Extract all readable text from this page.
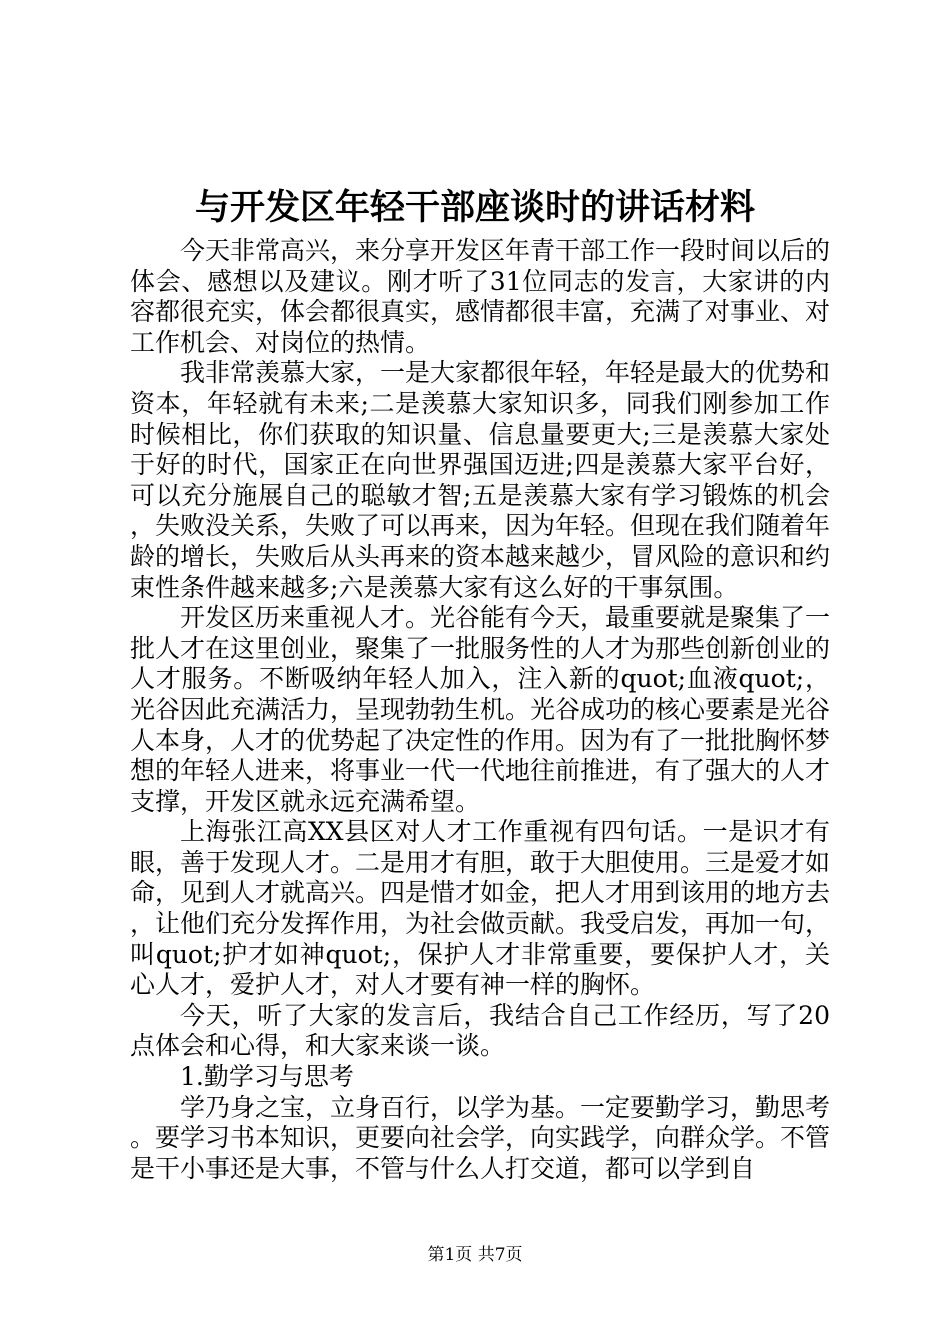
与开发区年轻干部座谈时的讲话材料

今天非常高兴，来分享开发区年青干部工作一段时间以后的体会、感想以及建议。刚才听了31位同志的发言，大家讲的内容都很充实，体会都很真实，感情都很丰富，充满了对事业、对工作机会、对岗位的热情。

我非常羡慕大家，一是大家都很年轻，年轻是最大的优势和资本，年轻就有未来;二是羡慕大家知识多，同我们刚参加工作时候相比，你们获取的知识量、信息量要更大;三是羡慕大家处于好的时代，国家正在向世界强国迈进;四是羡慕大家平台好，可以充分施展自己的聪敏才智;五是羡慕大家有学习锻炼的机会，失败没关系，失败了可以再来，因为年轻。但现在我们随着年龄的增长，失败后从头再来的资本越来越少，冒风险的意识和约束性条件越来越多;六是羡慕大家有这么好的干事氛围。

开发区历来重视人才。光谷能有今天，最重要就是聚集了一批人才在这里创业，聚集了一批服务性的人才为那些创新创业的人才服务。不断吸纳年轻人加入，注入新的quot;血液quot;，光谷因此充满活力，呈现勃勃生机。光谷成功的核心要素是光谷人本身，人才的优势起了决定性的作用。因为有了一批批胸怀梦想的年轻人进来，将事业一代一代地往前推进，有了强大的人才支撑，开发区就永远充满希望。

上海张江高XX县区对人才工作重视有四句话。一是识才有眼，善于发现人才。二是用才有胆，敢于大胆使用。三是爱才如命，见到人才就高兴。四是惜才如金，把人才用到该用的地方去，让他们充分发挥作用，为社会做贡献。我受启发，再加一句，叫quot;护才如神quot;，保护人才非常重要，要保护人才，关心人才，爱护人才，对人才要有神一样的胸怀。

今天，听了大家的发言后，我结合自己工作经历，写了20点体会和心得，和大家来谈一谈。

1.勤学习与思考

学乃身之宝，立身百行，以学为基。一定要勤学习，勤思考。要学习书本知识，更要向社会学，向实践学，向群众学。不管是干小事还是大事，不管与什么人打交道，都可以学到自

第1页 共7页
